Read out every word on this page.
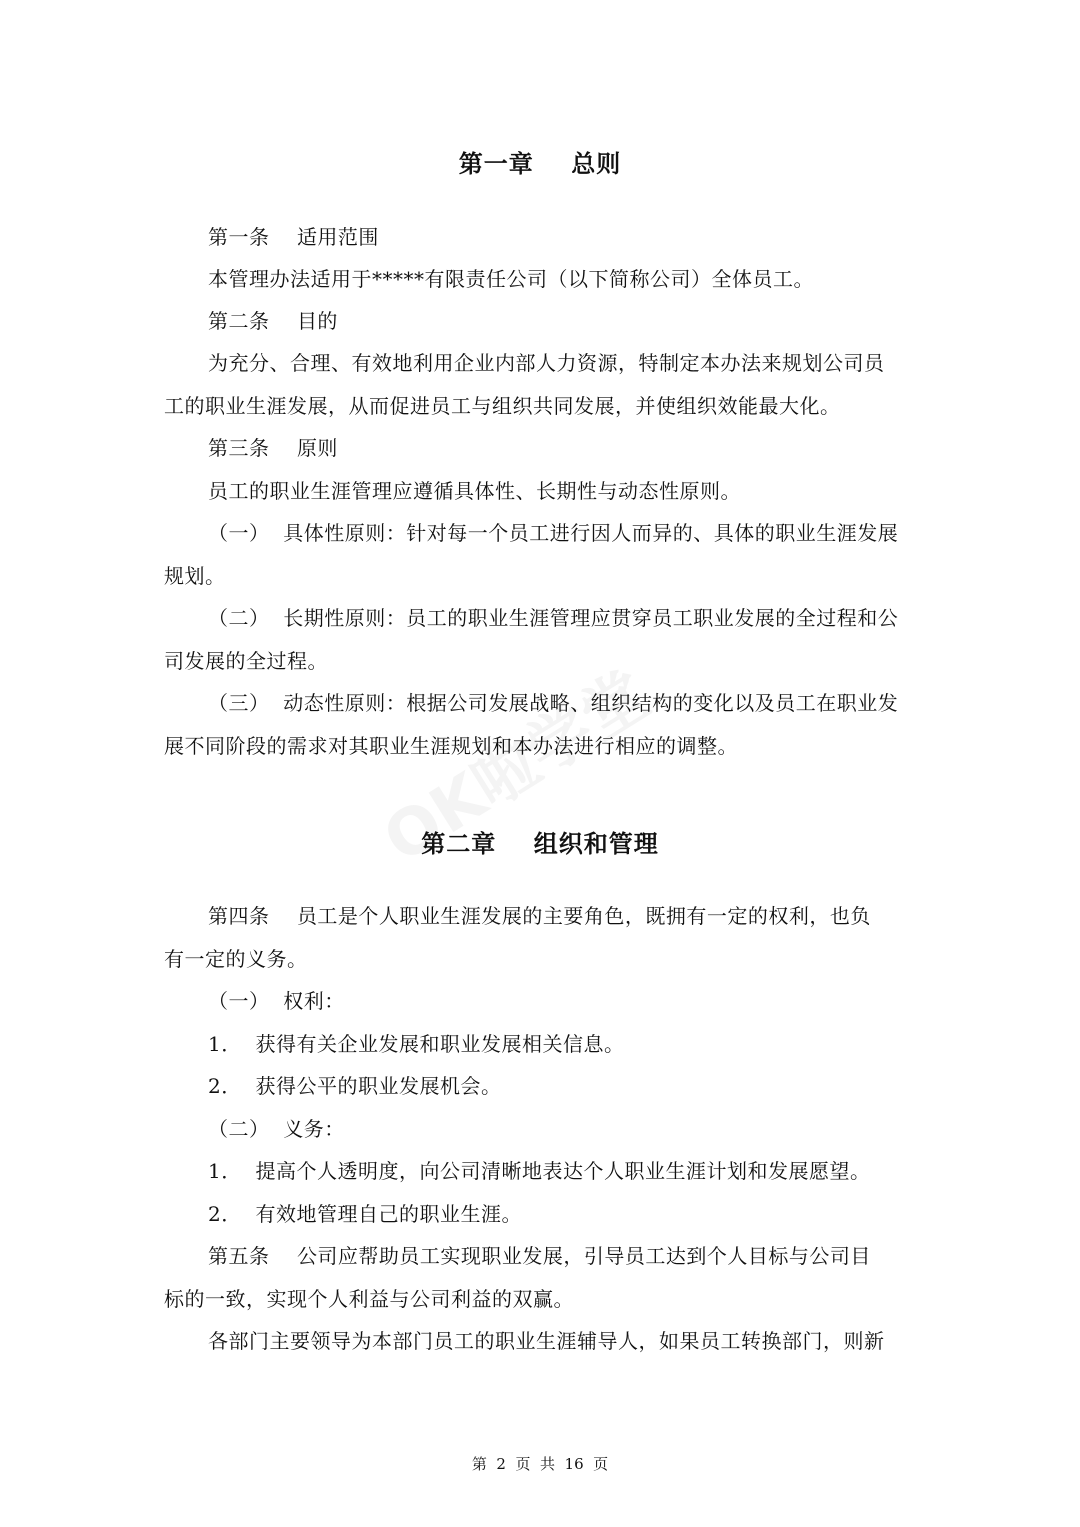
第一章    总则
第一条 适用范围
本管理办法适用于*****有限责任公司（以下简称公司）全体员工。
第二条 目的
为充分、合理、有效地利用企业内部人力资源，特制定本办法来规划公司员
工的职业生涯发展，从而促进员工与组织共同发展，并使组织效能最大化。
第三条 原则
员工的职业生涯管理应遵循具体性、长期性与动态性原则。
（一）  具体性原则：针对每一个员工进行因人而异的、具体的职业生涯发展
规划。
（二）  长期性原则：员工的职业生涯管理应贯穿员工职业发展的全过程和公
司发展的全过程。
（三）  动态性原则：根据公司发展战略、组织结构的变化以及员工在职业发
展不同阶段的需求对其职业生涯规划和本办法进行相应的调整。
第二章    组织和管理
第四条 员工是个人职业生涯发展的主要角色，既拥有一定的权利，也负
有一定的义务。
（一）  权利：
1．  获得有关企业发展和职业发展相关信息。
2．  获得公平的职业发展机会。
（二）  义务：
1．  提高个人透明度，向公司清晰地表达个人职业生涯计划和发展愿望。
2．  有效地管理自己的职业生涯。
第五条 公司应帮助员工实现职业发展，引导员工达到个人目标与公司目
标的一致，实现个人利益与公司利益的双赢。
各部门主要领导为本部门员工的职业生涯辅导人，如果员工转换部门，则新
第  2  页  共  16  页
